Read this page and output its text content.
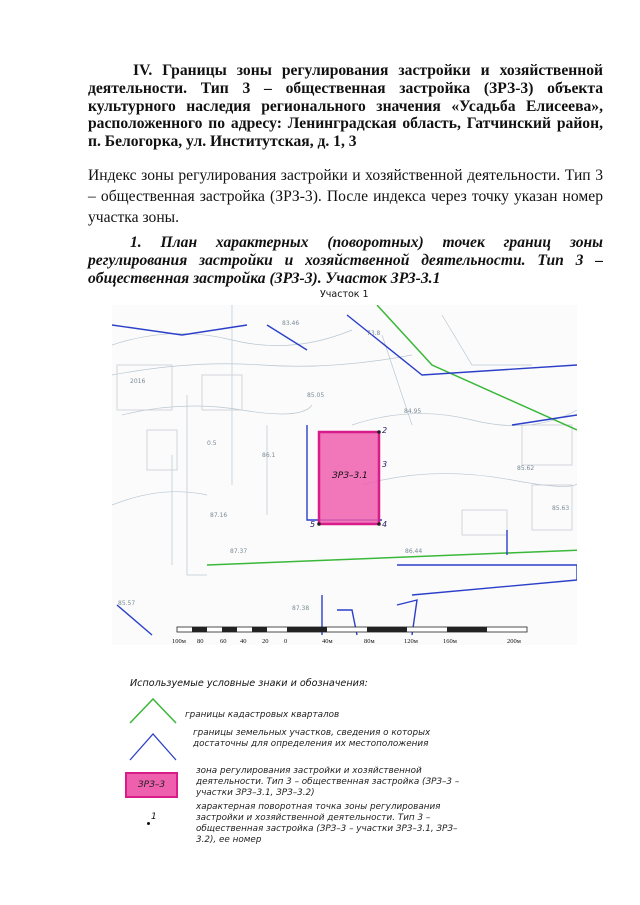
IV. Границы зоны регулирования застройки и хозяйственной деятельности. Тип 3 – общественная застройка (ЗРЗ-3) объекта культурного наследия регионального значения «Усадьба Елисеева», расположенного по адресу: Ленинградская область, Гатчинский район, п. Белогорка, ул. Институтская, д. 1, 3
Индекс зоны регулирования застройки и хозяйственной деятельности. Тип 3 – общественная застройка (ЗРЗ-3). После индекса через точку указан номер участка зоны.
1. План характерных (поворотных) точек границ зоны регулирования застройки и хозяйственной деятельности. Тип 3 – общественная застройка (ЗРЗ-3). Участок ЗРЗ-3.1
Участок 1
ЗРЗ–3.1
2
3
4
5
83.46
73.8
2016
85.05
84.95
86.1
87.16
87.37	86.44
87.38
85.57
85.62
85.63
0.5
100м 80	60 40 20 0	40м	80м	120м	160м	200м
Используемые условные знаки и обозначения:
границы кадастровых кварталов
границы земельных участков, сведения о которых достаточны для определения их местоположения
ЗРЗ–3
зона регулирования застройки и хозяйственной деятельности. Тип 3 – общественная застройка (ЗРЗ–3 – участки ЗРЗ–3.1, ЗРЗ–3.2)
1
характерная поворотная точка зоны регулирования застройки и хозяйственной деятельности. Тип 3 – общественная застройка (ЗРЗ–3 – участки ЗРЗ–3.1, ЗРЗ–3.2), ее номер
